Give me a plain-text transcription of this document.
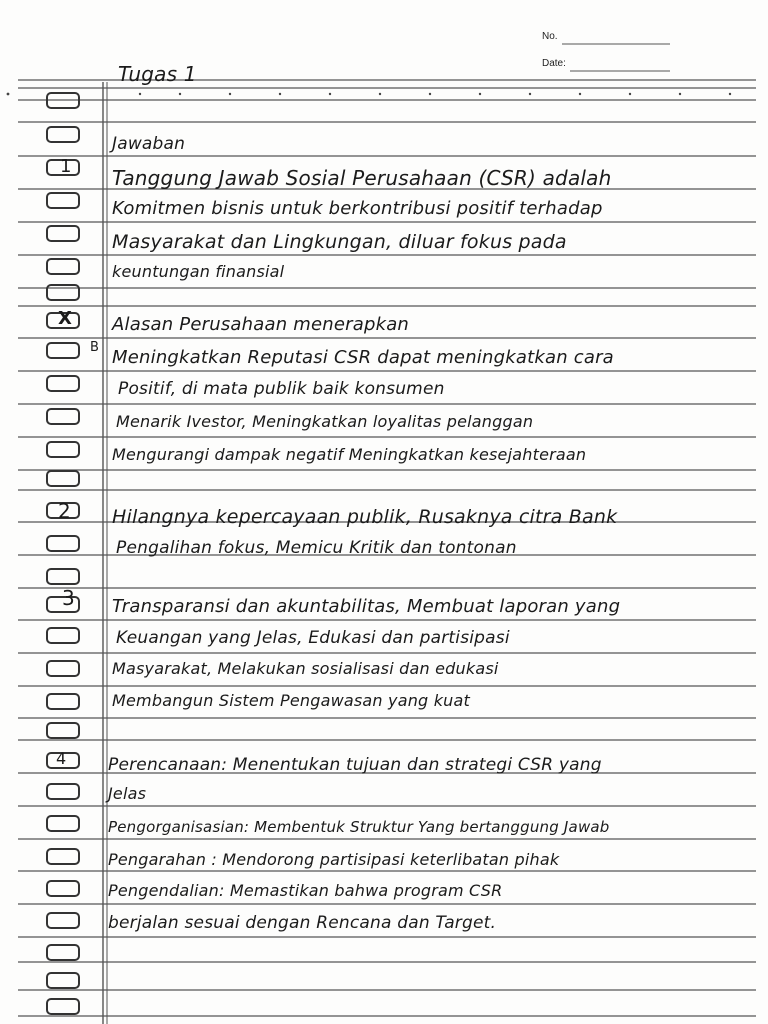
No.
Date:
Tugas 1
Jawaban
1
X
B
2
3
4
Tanggung Jawab Sosial Perusahaan (CSR) adalah
Komitmen bisnis untuk berkontribusi positif terhadap
Masyarakat dan Lingkungan, diluar fokus pada
keuntungan finansial
Alasan Perusahaan menerapkan
Meningkatkan Reputasi CSR dapat meningkatkan cara
Positif, di mata publik baik konsumen
Menarik Ivestor, Meningkatkan loyalitas pelanggan
Mengurangi dampak negatif Meningkatkan kesejahteraan
Hilangnya kepercayaan publik, Rusaknya citra Bank
Pengalihan fokus, Memicu Kritik dan tontonan
Transparansi dan akuntabilitas, Membuat laporan yang
Keuangan yang Jelas, Edukasi dan partisipasi
Masyarakat, Melakukan sosialisasi dan edukasi
Membangun Sistem Pengawasan yang kuat
Perencanaan: Menentukan tujuan dan strategi CSR yang
Jelas
Pengorganisasian: Membentuk Struktur Yang bertanggung Jawab
Pengarahan : Mendorong partisipasi keterlibatan pihak
Pengendalian: Memastikan bahwa program CSR
berjalan sesuai dengan Rencana dan Target.
